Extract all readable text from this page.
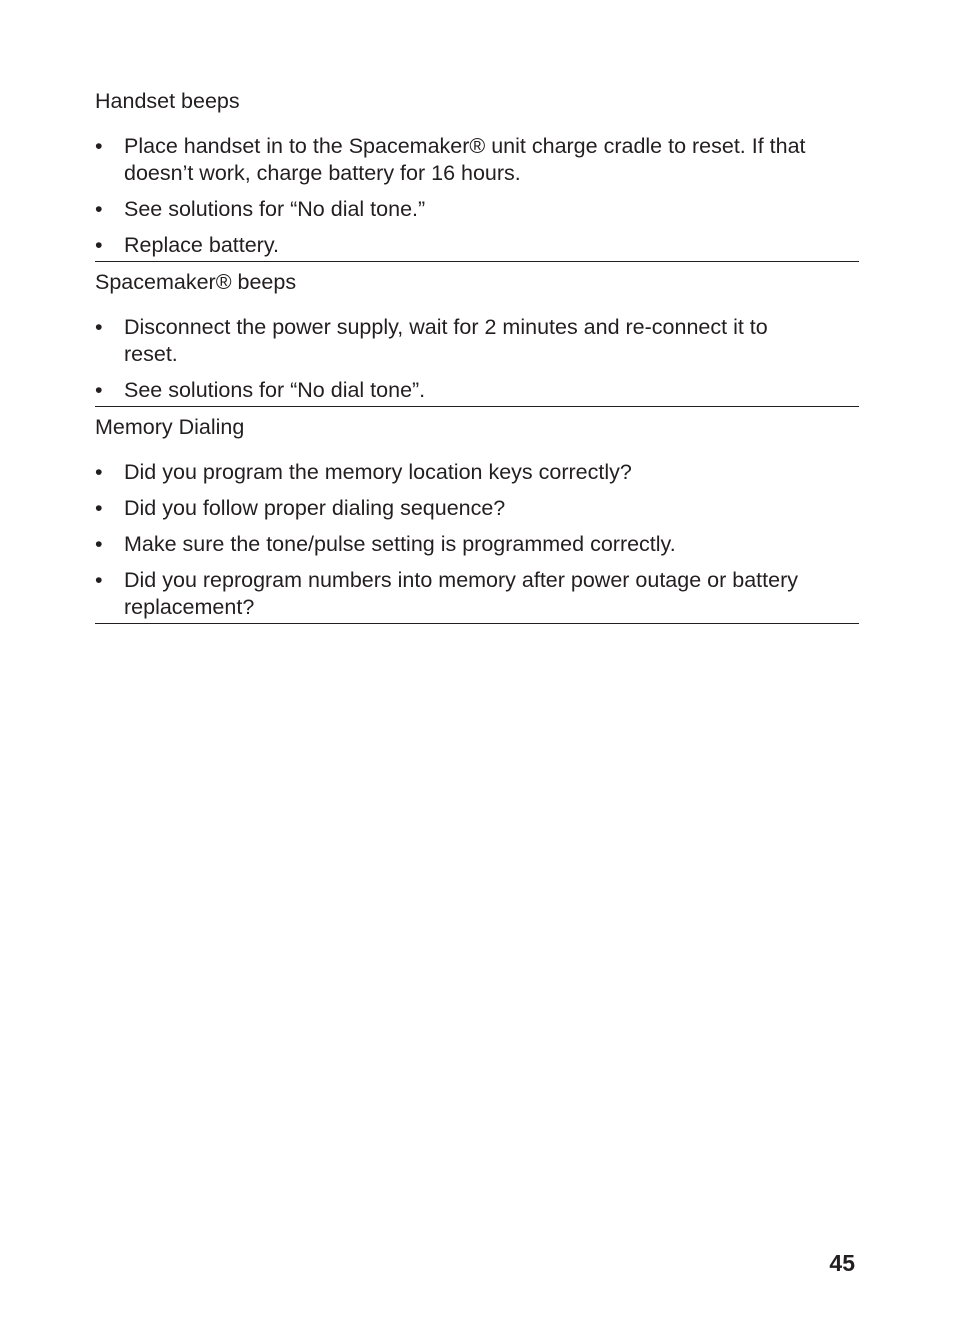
Handset beeps
• Place handset in to the Spacemaker® unit charge cradle to reset. If that doesn’t work, charge battery for 16 hours.
• See solutions for “No dial tone.”
• Replace battery.
Spacemaker® beeps
• Disconnect the power supply, wait for 2 minutes and re-connect it to reset.
• See solutions for “No dial tone”.
Memory Dialing
• Did you program the memory location keys correctly?
• Did you follow proper dialing sequence?
• Make sure the tone/pulse setting is programmed correctly.
• Did you reprogram numbers into memory after power outage or battery replacement?
45
